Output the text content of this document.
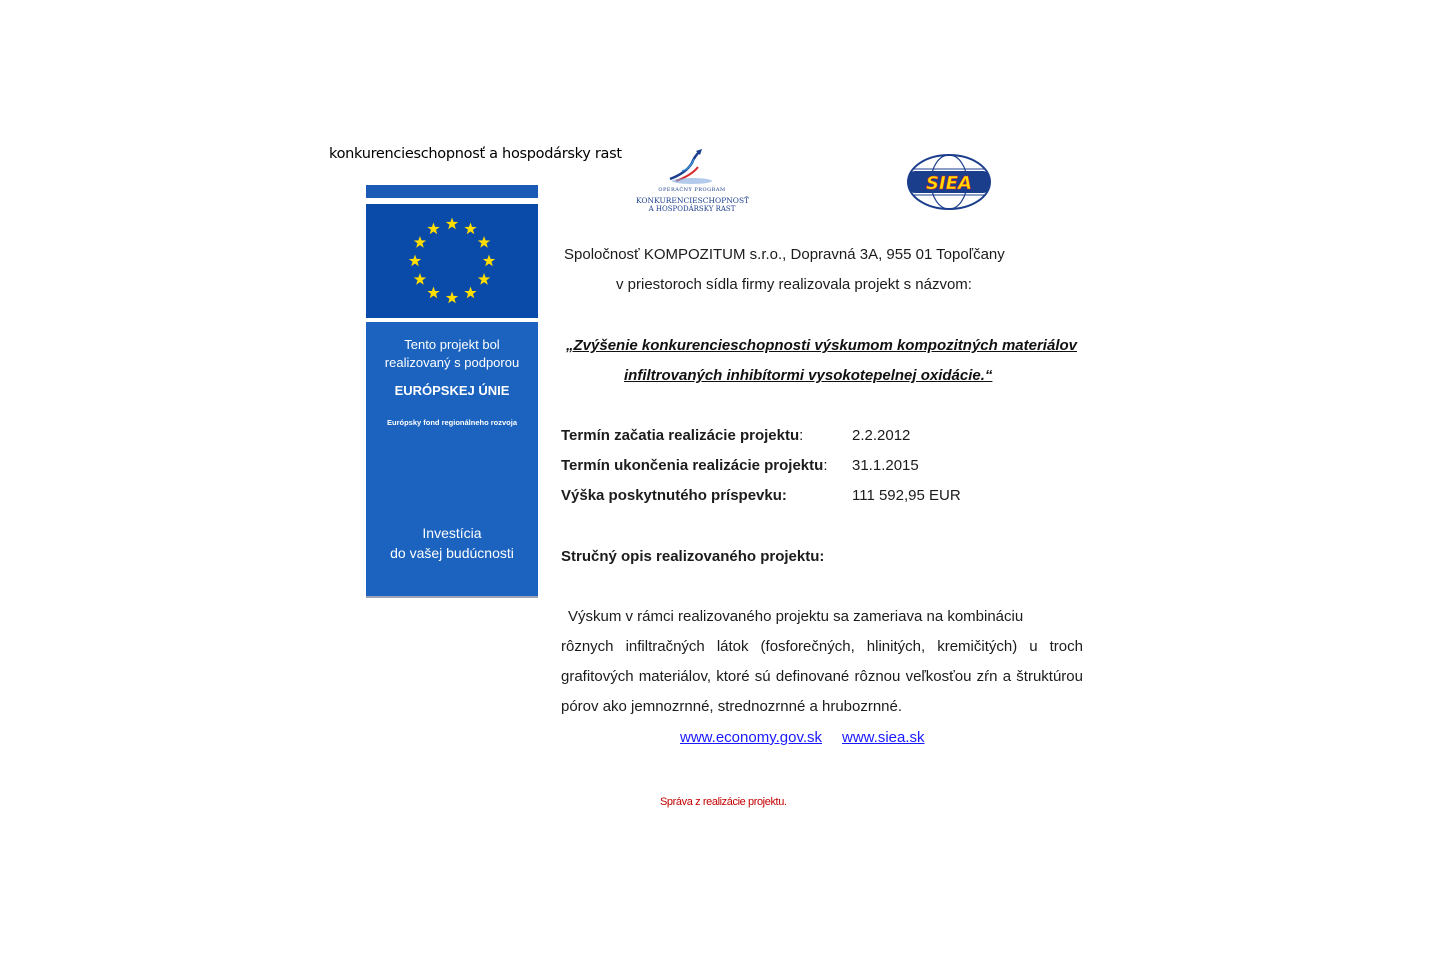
konkurencieschopnosť a hospodársky rast
Tento projekt bol
realizovaný s podporou
EURÓPSKEJ ÚNIE
Európsky fond regionálneho rozvoja
Investícia
do vašej budúcnosti
OPERAČNÝ PROGRAM
KONKURENCIESCHOPNOSŤ
A HOSPODÁRSKY RAST
SIEA
Spoločnosť KOMPOZITUM s.r.o., Dopravná 3A, 955 01 Topoľčany
v priestoroch sídla firmy realizovala projekt s názvom:
„Zvýšenie konkurencieschopnosti výskumom kompozitných materiálov
infiltrovaných inhibítormi vysokotepelnej oxidácie.“
Termín začatia realizácie projektu:	2.2.2012
Termín ukončenia realizácie projektu: 31.1.2015
Výška poskytnutého príspevku:	111 592,95 EUR
Stručný opis realizovaného projektu:
Výskum v rámci realizovaného projektu sa zameriava na kombináciu
rôznych infiltračných látok (fosforečných, hlinitých, kremičitých) u troch
grafitových materiálov, ktoré sú definované rôznou veľkosťou zŕn a štruktúrou
pórov ako jemnozrnné, strednozrnné a hrubozrnné.
www.economy.gov.sk www.siea.sk
Správa z realizácie projektu.
